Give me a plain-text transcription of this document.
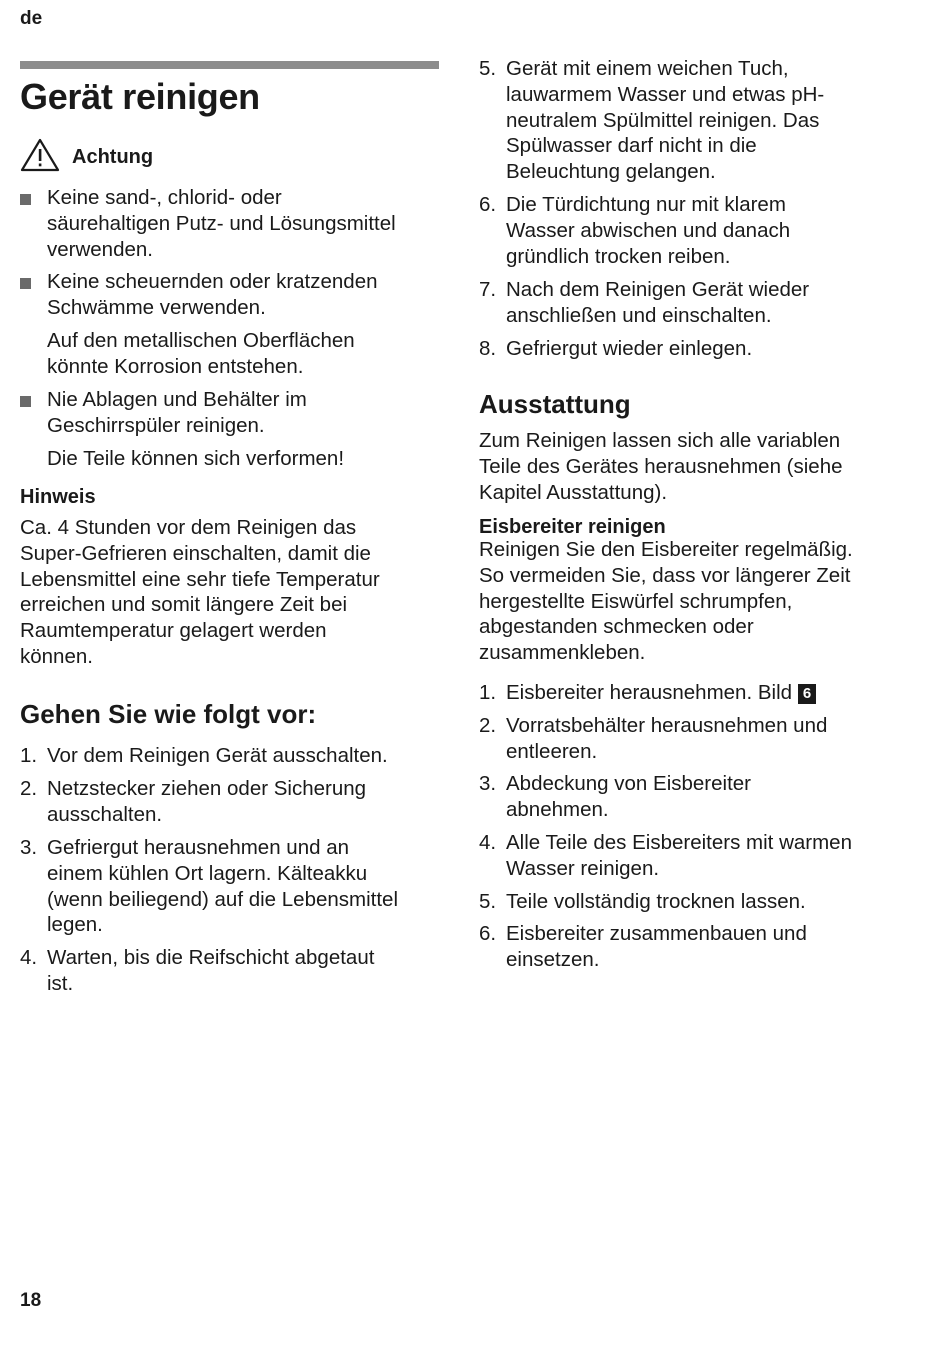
de
18
Gerät reinigen
Achtung
Keine sand-, chlorid- oder
säurehaltigen Putz- und Lösungsmittel
verwenden.
Keine scheuernden oder kratzenden
Schwämme verwenden.
Auf den metallischen Oberflächen
könnte Korrosion entstehen.
Nie Ablagen und Behälter im
Geschirrspüler reinigen.
Die Teile können sich verformen!
Hinweis
Ca. 4 Stunden vor dem Reinigen das
Super-Gefrieren einschalten, damit die
Lebensmittel eine sehr tiefe Temperatur
erreichen und somit längere Zeit bei
Raumtemperatur gelagert werden
können.
Gehen Sie wie folgt vor:
1. Vor dem Reinigen Gerät ausschalten.
2. Netzstecker ziehen oder Sicherung
ausschalten.
3. Gefriergut herausnehmen und an
einem kühlen Ort lagern. Kälteakku
(wenn beiliegend) auf die Lebensmittel
legen.
4. Warten, bis die Reifschicht abgetaut
ist.
5. Gerät mit einem weichen Tuch,
lauwarmem Wasser und etwas pH-
neutralem Spülmittel reinigen. Das
Spülwasser darf nicht in die
Beleuchtung gelangen.
6. Die Türdichtung nur mit klarem
Wasser abwischen und danach
gründlich trocken reiben.
7. Nach dem Reinigen Gerät wieder
anschließen und einschalten.
8. Gefriergut wieder einlegen.
Ausstattung
Zum Reinigen lassen sich alle variablen
Teile des Gerätes herausnehmen (siehe
Kapitel Ausstattung).
Eisbereiter reinigen
Reinigen Sie den Eisbereiter regelmäßig.
So vermeiden Sie, dass vor längerer Zeit
hergestellte Eiswürfel schrumpfen,
abgestanden schmecken oder
zusammenkleben.
1. Eisbereiter herausnehmen. Bild 6
2. Vorratsbehälter herausnehmen und
entleeren.
3. Abdeckung von Eisbereiter
abnehmen.
4. Alle Teile des Eisbereiters mit warmen
Wasser reinigen.
5. Teile vollständig trocknen lassen.
6. Eisbereiter zusammenbauen und
einsetzen.
